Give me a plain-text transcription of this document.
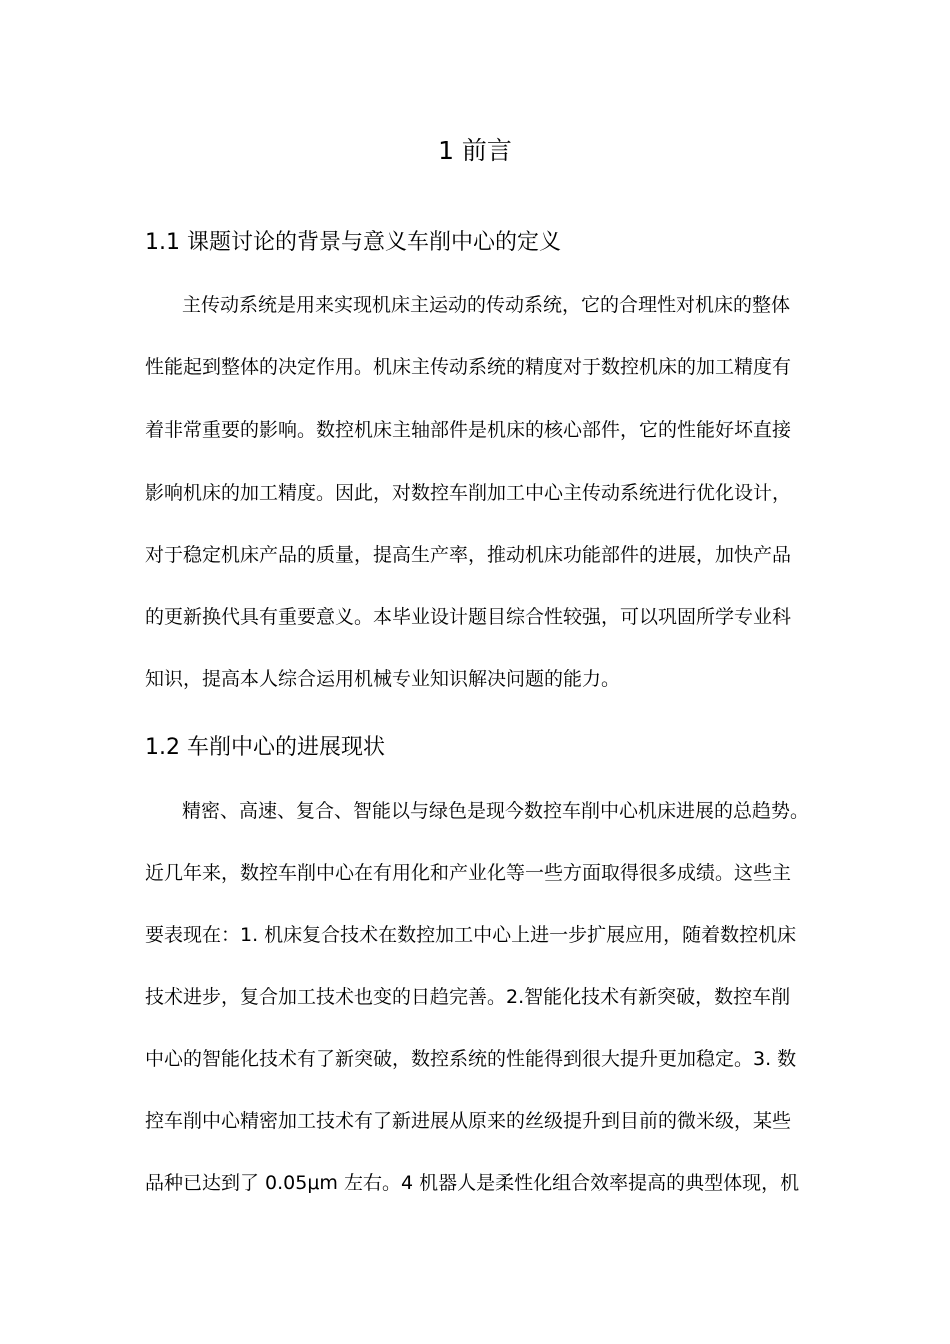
1 前言
1.1 课题讨论的背景与意义车削中心的定义

主传动系统是用来实现机床主运动的传动系统，它的合理性对机床的整体

性能起到整体的决定作用。机床主传动系统的精度对于数控机床的加工精度有

着非常重要的影响。数控机床主轴部件是机床的核心部件，它的性能好坏直接

影响机床的加工精度。因此，对数控车削加工中心主传动系统进行优化设计，

对于稳定机床产品的质量，提高生产率，推动机床功能部件的进展，加快产品

的更新换代具有重要意义。本毕业设计题目综合性较强，可以巩固所学专业科

知识，提高本人综合运用机械专业知识解决问题的能力。

1.2 车削中心的进展现状

精密、高速、复合、智能以与绿色是现今数控车削中心机床进展的总趋势。

近几年来，数控车削中心在有用化和产业化等一些方面取得很多成绩。这些主

要表现在：1. 机床复合技术在数控加工中心上进一步扩展应用，随着数控机床

技术进步，复合加工技术也变的日趋完善。2.智能化技术有新突破，数控车削

中心的智能化技术有了新突破，数控系统的性能得到很大提升更加稳定。3. 数

控车削中心精密加工技术有了新进展从原来的丝级提升到目前的微米级，某些

品种已达到了 0.05μm 左右。4 机器人是柔性化组合效率提高的典型体现，机
